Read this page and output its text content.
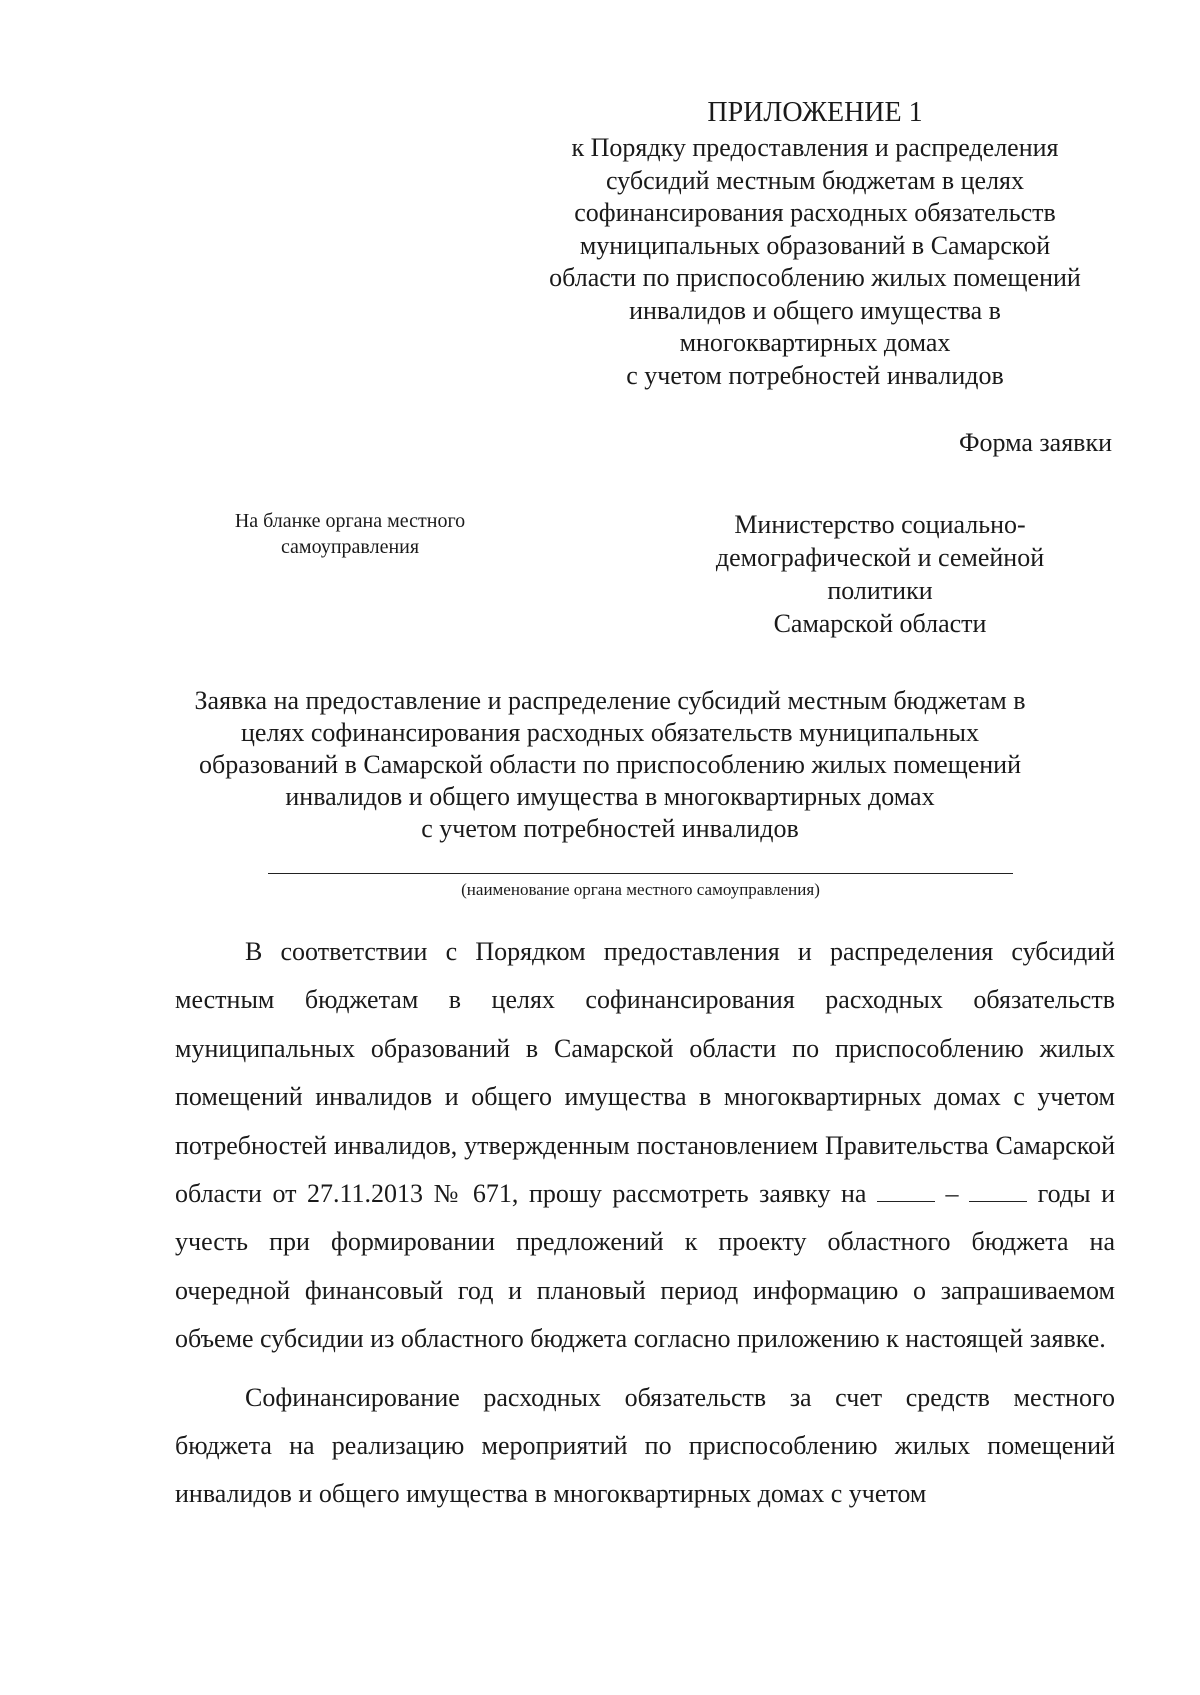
ПРИЛОЖЕНИЕ 1
к Порядку предоставления и распределения
субсидий местным бюджетам в целях
софинансирования расходных обязательств
муниципальных образований в Самарской
области по приспособлению жилых помещений
инвалидов и общего имущества в
многоквартирных домах
с учетом потребностей инвалидов
Форма заявки
На бланке органа местного
самоуправления
Министерство социально-
демографической и семейной
политики
Самарской области
Заявка на предоставление и распределение субсидий местным бюджетам в
целях софинансирования расходных обязательств муниципальных
образований в Самарской области по приспособлению жилых помещений
инвалидов и общего имущества в многоквартирных домах
с учетом потребностей инвалидов
(наименование органа местного самоуправления)

В соответствии с Порядком предоставления и распределения субсидий местным бюджетам в целях софинансирования расходных обязательств муниципальных образований в Самарской области по приспособлению жилых помещений инвалидов и общего имущества в многоквартирных домах с учетом потребностей инвалидов, утвержденным постановлением Правительства Самарской области от 27.11.2013 № 671, прошу рассмотреть заявку на  –  годы и учесть при формировании предложений к проекту областного бюджета на очередной финансовый год и плановый период информацию о запрашиваемом объеме субсидии из областного бюджета согласно приложению к настоящей заявке.

Софинансирование расходных обязательств за счет средств местного бюджета на реализацию мероприятий по приспособлению жилых помещений инвалидов и общего имущества в многоквартирных домах с учетом
